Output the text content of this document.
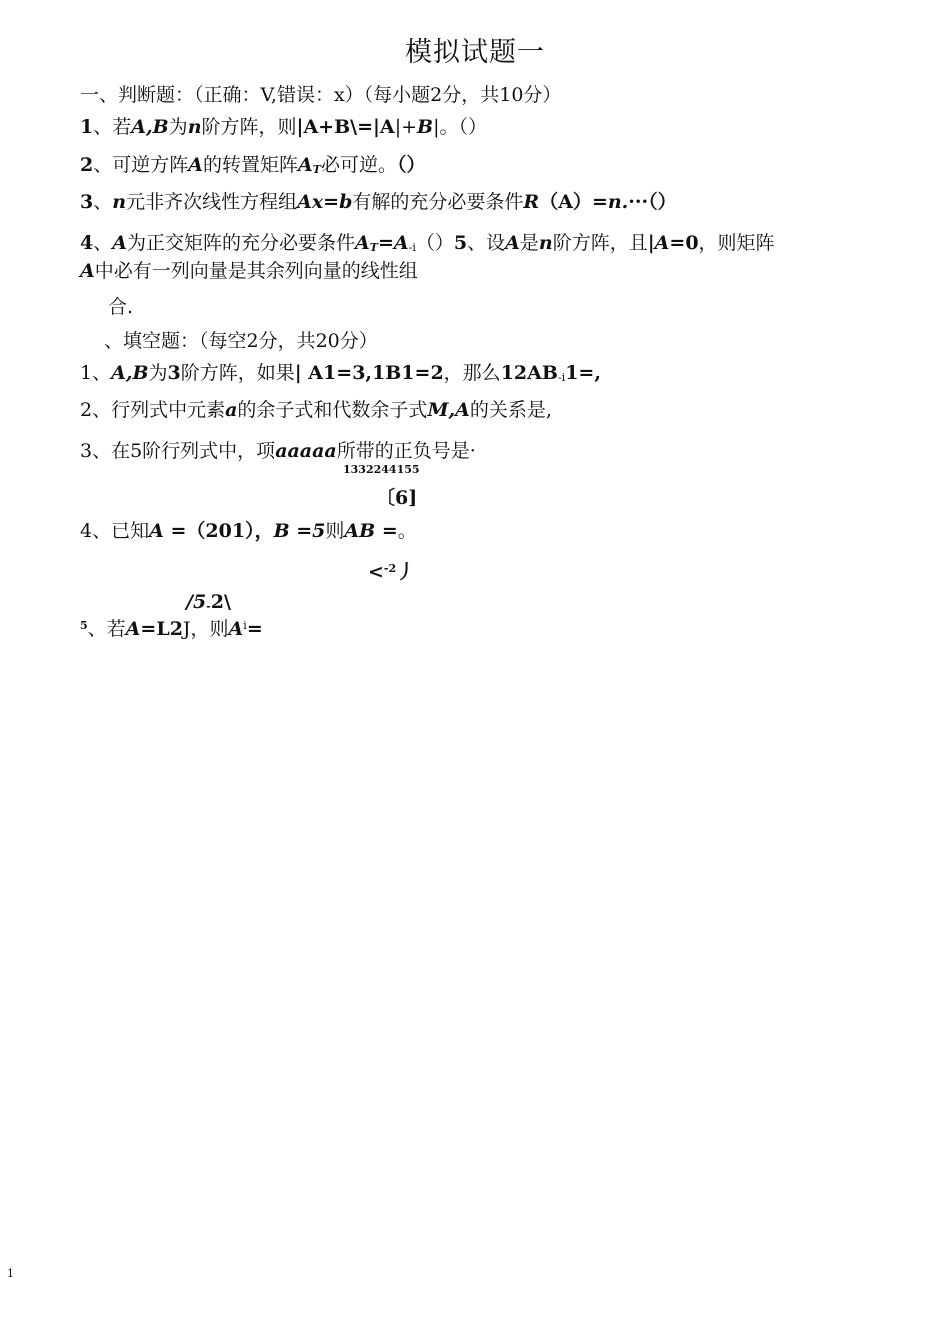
模拟试题一
一、判断题：（正确：V,错误：x）（每小题2分，共10分）
1、若A,B为n阶方阵，则|A+B\=|A|+B|。（）
2、可逆方阵A的转置矩阵AT必可逆。（）
3、n元非齐次线性方程组Ax=b有解的充分必要条件R（A）=n.···（）
4、A为正交矩阵的充分必要条件AT=A-i（）5、设A是n阶方阵，且|A=0，则矩阵
A中必有一列向量是其余列向量的线性组
合.
、填空题：（每空2分，共20分）
1、A,B为3阶方阵，如果| A1=3,1B1=2，那么12AB-i1=,
2、行列式中元素a的余子式和代数余子式M,A的关系是,
3、在5阶行列式中，项aaaaa所带的正负号是·
1332244155
〔6]
4、已知A =（201），B =5则AB =。
<$^{-2}$丿
/5-2\
$^5$、若A=L2J，则$A^i=$
1
